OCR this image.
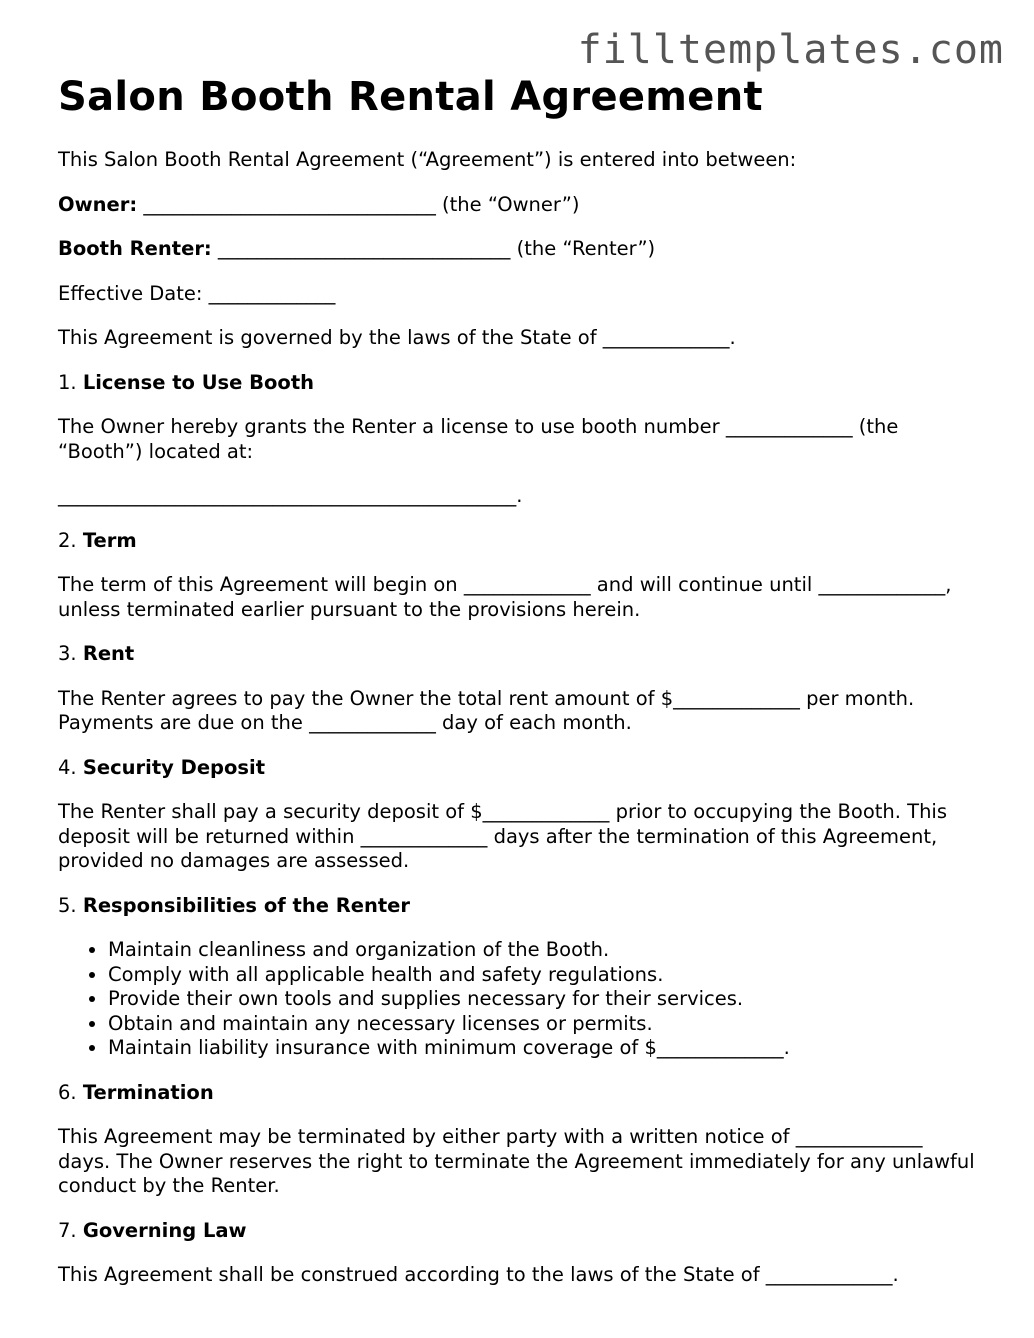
filltemplates.com
Salon Booth Rental Agreement

This Salon Booth Rental Agreement (“Agreement”) is entered into between:

Owner: ______________________________ (the “Owner”)

Booth Renter: ______________________________ (the “Renter”)

Effective Date: _____________

This Agreement is governed by the laws of the State of _____________.

1. License to Use Booth

The Owner hereby grants the Renter a license to use booth number _____________ (the “Booth”) located at:

_______________________________________________.

2. Term

The term of this Agreement will begin on _____________ and will continue until _____________, unless terminated earlier pursuant to the provisions herein.

3. Rent

The Renter agrees to pay the Owner the total rent amount of $_____________ per month. Payments are due on the _____________ day of each month.

4. Security Deposit

The Renter shall pay a security deposit of $_____________ prior to occupying the Booth. This deposit will be returned within _____________ days after the termination of this Agreement, provided no damages are assessed.

5. Responsibilities of the Renter

• Maintain cleanliness and organization of the Booth.
• Comply with all applicable health and safety regulations.
• Provide their own tools and supplies necessary for their services.
• Obtain and maintain any necessary licenses or permits.
• Maintain liability insurance with minimum coverage of $_____________.

6. Termination

This Agreement may be terminated by either party with a written notice of _____________ days. The Owner reserves the right to terminate the Agreement immediately for any unlawful conduct by the Renter.

7. Governing Law

This Agreement shall be construed according to the laws of the State of _____________.
